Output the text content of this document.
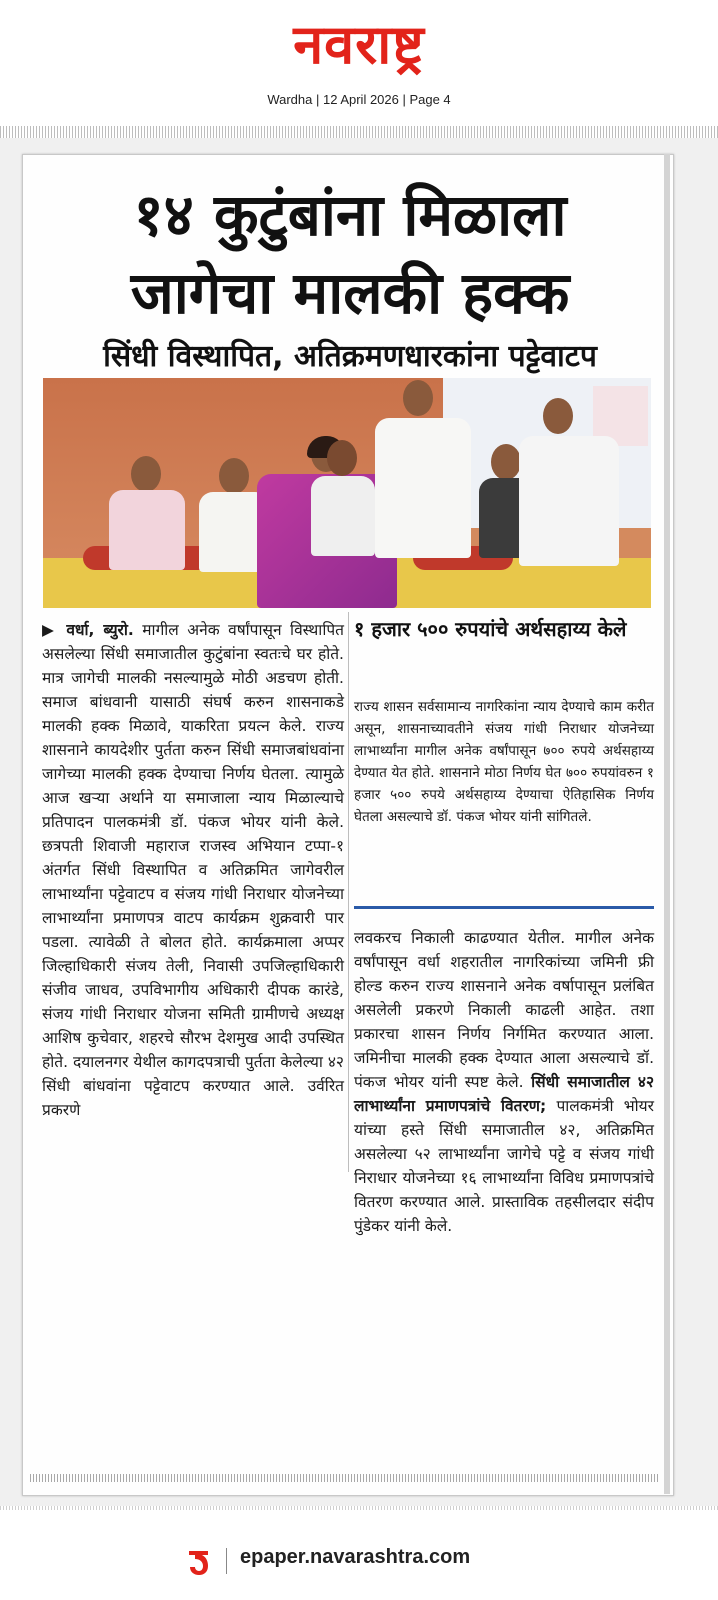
नवराष्ट्र
Wardha | 12 April 2026 | Page 4
१४ कुटुंबांना मिळाला
जागेचा मालकी हक्क
सिंधी विस्थापित, अतिक्रमणधारकांना पट्टेवाटप
▶ वर्धा, ब्युरो. मागील अनेक वर्षांपासून विस्थापित असलेल्या सिंधी समाजातील कुटुंबांना स्वतःचे घर होते. मात्र जागेची मालकी नसल्यामुळे मोठी अडचण होती. समाज बांधवानी यासाठी संघर्ष करुन शासनाकडे मालकी हक्क मिळावे, याकरिता प्रयत्न केले. राज्य शासनाने कायदेशीर पुर्तता करुन सिंधी समाजबांधवांना जागेच्या मालकी हक्क देण्याचा निर्णय घेतला. त्यामुळे आज खऱ्या अर्थाने या समाजाला न्याय मिळाल्याचे प्रतिपादन पालकमंत्री डॉ. पंकज भोयर यांनी केले. छत्रपती शिवाजी महाराज राजस्व अभियान टप्पा-१ अंतर्गत सिंधी विस्थापित व अतिक्रमित जागेवरील लाभार्थ्यांना पट्टेवाटप व संजय गांधी निराधार योजनेच्या लाभार्थ्यांना प्रमाणपत्र वाटप कार्यक्रम शुक्रवारी पार पडला. त्यावेळी ते बोलत होते. कार्यक्रमाला अप्पर जिल्हाधिकारी संजय तेली, निवासी उपजिल्हाधिकारी संजीव जाधव, उपविभागीय अधिकारी दीपक कारंडे, संजय गांधी निराधार योजना समिती ग्रामीणचे अध्यक्ष आशिष कुचेवार, शहरचे सौरभ देशमुख आदी उपस्थित होते. दयालनगर येथील कागदपत्राची पुर्तता केलेल्या ४२ सिंधी बांधवांना पट्टेवाटप करण्यात आले. उर्वरित प्रकरणे
१ हजार ५०० रुपयांचे अर्थसहाय्य केले
राज्य शासन सर्वसामान्य नागरिकांना न्याय देण्याचे काम करीत असून, शासनाच्यावतीने संजय गांधी निराधार योजनेच्या लाभार्थ्यांना मागील अनेक वर्षांपासून ७०० रुपये अर्थसहाय्य देण्यात येत होते. शासनाने मोठा निर्णय घेत ७०० रुपयांवरुन १ हजार ५०० रुपये अर्थसहाय्य देण्याचा ऐतिहासिक निर्णय घेतला असल्याचे डॉ. पंकज भोयर यांनी सांगितले.
लवकरच निकाली काढण्यात येतील. मागील अनेक वर्षांपासून वर्धा शहरातील नागरिकांच्या जमिनी फ्री होल्ड करुन राज्य शासनाने अनेक वर्षापासून प्रलंबित असलेली प्रकरणे निकाली काढली आहेत. तशा प्रकारचा शासन निर्णय निर्गमित करण्यात आला. जमिनीचा मालकी हक्क देण्यात आला असल्याचे डॉ. पंकज भोयर यांनी स्पष्ट केले. सिंधी समाजातील ४२ लाभार्थ्यांना प्रमाणपत्रांचे वितरण; पालकमंत्री भोयर यांच्या हस्ते सिंधी समाजातील ४२, अतिक्रमित असलेल्या ५२ लाभार्थ्यांना जागेचे पट्टे व संजय गांधी निराधार योजनेच्या १६ लाभार्थ्यांना विविध प्रमाणपत्रांचे वितरण करण्यात आले. प्रास्ताविक तहसीलदार संदीप पुंडेकर यांनी केले.
epaper.navarashtra.com
